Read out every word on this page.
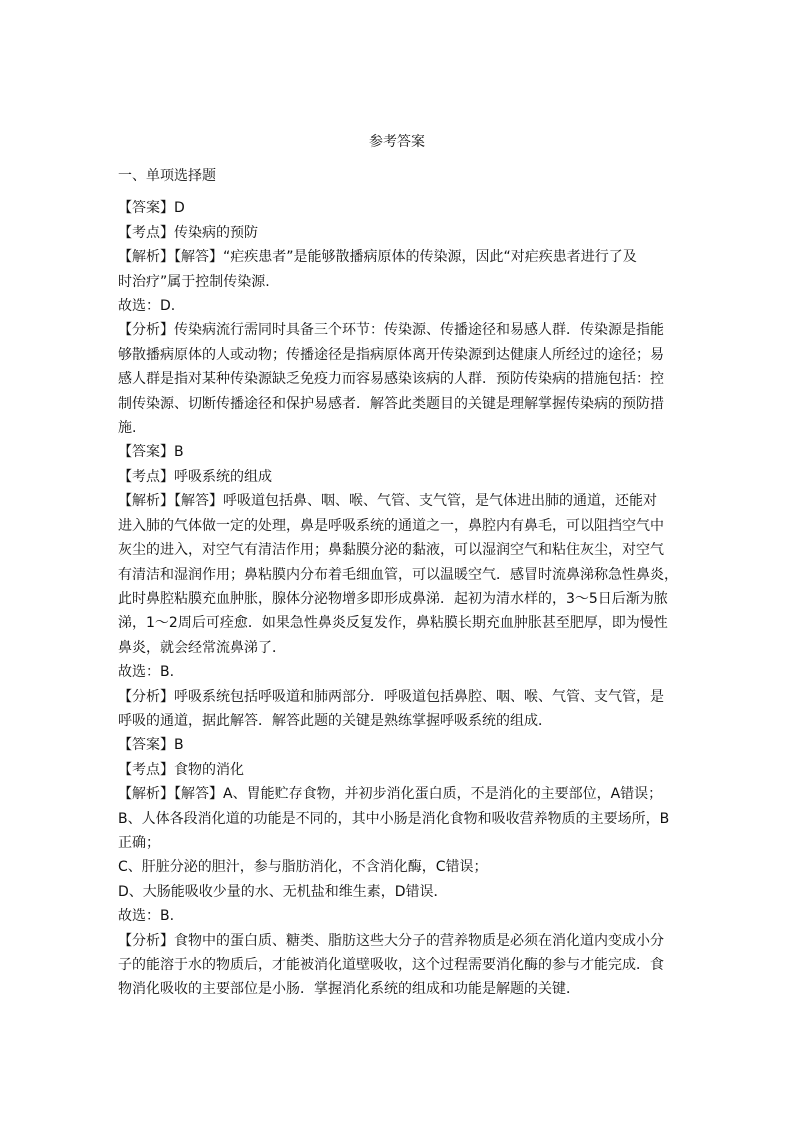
参考答案

一、单项选择题

【答案】D

【考点】传染病的预防

【解析】【解答】“疟疾患者”是能够散播病原体的传染源，因此“对疟疾患者进行了及

时治疗”属于控制传染源.

故选：D.

【分析】传染病流行需同时具备三个环节：传染源、传播途径和易感人群．传染源是指能

够散播病原体的人或动物；传播途径是指病原体离开传染源到达健康人所经过的途径；易

感人群是指对某种传染源缺乏免疫力而容易感染该病的人群．预防传染病的措施包括：控

制传染源、切断传播途径和保护易感者．解答此类题目的关键是理解掌握传染病的预防措

施.

【答案】B

【考点】呼吸系统的组成

【解析】【解答】呼吸道包括鼻、咽、喉、气管、支气管，是气体进出肺的通道，还能对

进入肺的气体做一定的处理，鼻是呼吸系统的通道之一，鼻腔内有鼻毛，可以阻挡空气中

灰尘的进入，对空气有清洁作用；鼻黏膜分泌的黏液，可以湿润空气和粘住灰尘，对空气

有清洁和湿润作用；鼻粘膜内分布着毛细血管，可以温暖空气．感冒时流鼻涕称急性鼻炎，

此时鼻腔粘膜充血肿胀，腺体分泌物增多即形成鼻涕．起初为清水样的，3～5日后渐为脓

涕，1～2周后可痊愈．如果急性鼻炎反复发作，鼻粘膜长期充血肿胀甚至肥厚，即为慢性

鼻炎，就会经常流鼻涕了．

故选：B.

【分析】呼吸系统包括呼吸道和肺两部分．呼吸道包括鼻腔、咽、喉、气管、支气管，是

呼吸的通道，据此解答．解答此题的关键是熟练掌握呼吸系统的组成．

【答案】B

【考点】食物的消化

【解析】【解答】A、胃能贮存食物，并初步消化蛋白质，不是消化的主要部位，A错误；

B、人体各段消化道的功能是不同的，其中小肠是消化食物和吸收营养物质的主要场所，B

正确；

C、肝脏分泌的胆汁，参与脂肪消化，不含消化酶，C错误；

D、大肠能吸收少量的水、无机盐和维生素，D错误．

故选：B.

【分析】食物中的蛋白质、糖类、脂肪这些大分子的营养物质是必须在消化道内变成小分

子的能溶于水的物质后，才能被消化道壁吸收，这个过程需要消化酶的参与才能完成．食

物消化吸收的主要部位是小肠．掌握消化系统的组成和功能是解题的关键．
